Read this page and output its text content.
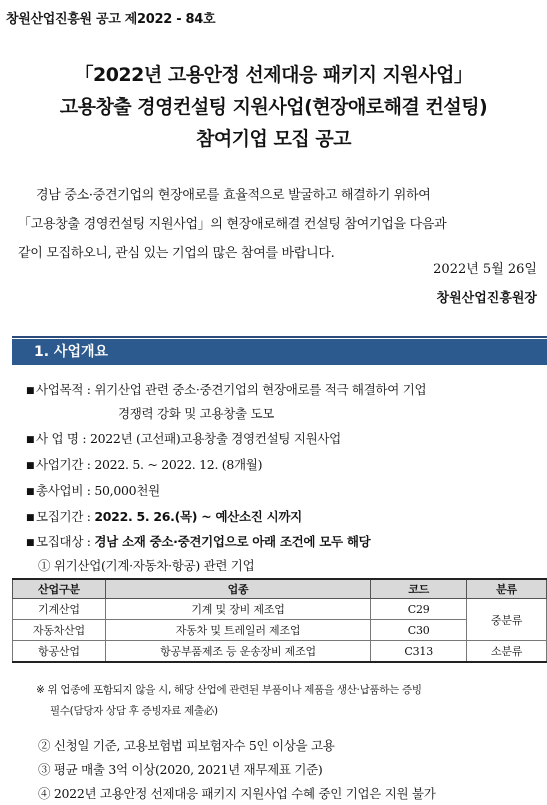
창원산업진흥원 공고 제2022 - 84호
「2022년 고용안정 선제대응 패키지 지원사업」
고용창출 경영컨설팅 지원사업(현장애로해결 컨설팅)
참여기업 모집 공고
경남 중소·중견기업의 현장애로를 효율적으로 발굴하고 해결하기 위하여
「고용창출 경영컨설팅 지원사업」의 현장애로해결 컨설팅 참여기업을 다음과
같이 모집하오니, 관심 있는 기업의 많은 참여를 바랍니다.
2022년 5월 26일
창원산업진흥원장
1. 사업개요
■ 사업목적 : 위기산업 관련 중소·중견기업의 현장애로를 적극 해결하여 기업
경쟁력 강화 및 고용창출 도모
■ 사 업 명 : 2022년 (고선패)고용창출 경영컨설팅 지원사업
■ 사업기간 : 2022. 5. ~ 2022. 12. (8개월)
■ 총사업비 : 50,000천원
■ 모집기간 : 2022. 5. 26.(목) ~ 예산소진 시까지
■ 모집대상 : 경남 소재 중소·중견기업으로 아래 조건에 모두 해당
① 위기산업(기계·자동차·항공) 관련 기업
산업구분	업종	코드	분류
기계산업	기계 및 장비 제조업	C29	중분류
자동차산업	자동차 및 트레일러 제조업	C30	
항공산업	항공부품제조 등 운송장비 제조업	C313	소분류
※ 위 업종에 포함되지 않을 시, 해당 산업에 관련된 부품이나 제품을 생산·납품하는 증빙
필수(담당자 상담 후 증빙자료 제출必)
② 신청일 기준, 고용보험법 피보험자수 5인 이상을 고용
③ 평균 매출 3억 이상(2020, 2021년 재무제표 기준)
④ 2022년 고용안정 선제대응 패키지 지원사업 수혜 중인 기업은 지원 불가
